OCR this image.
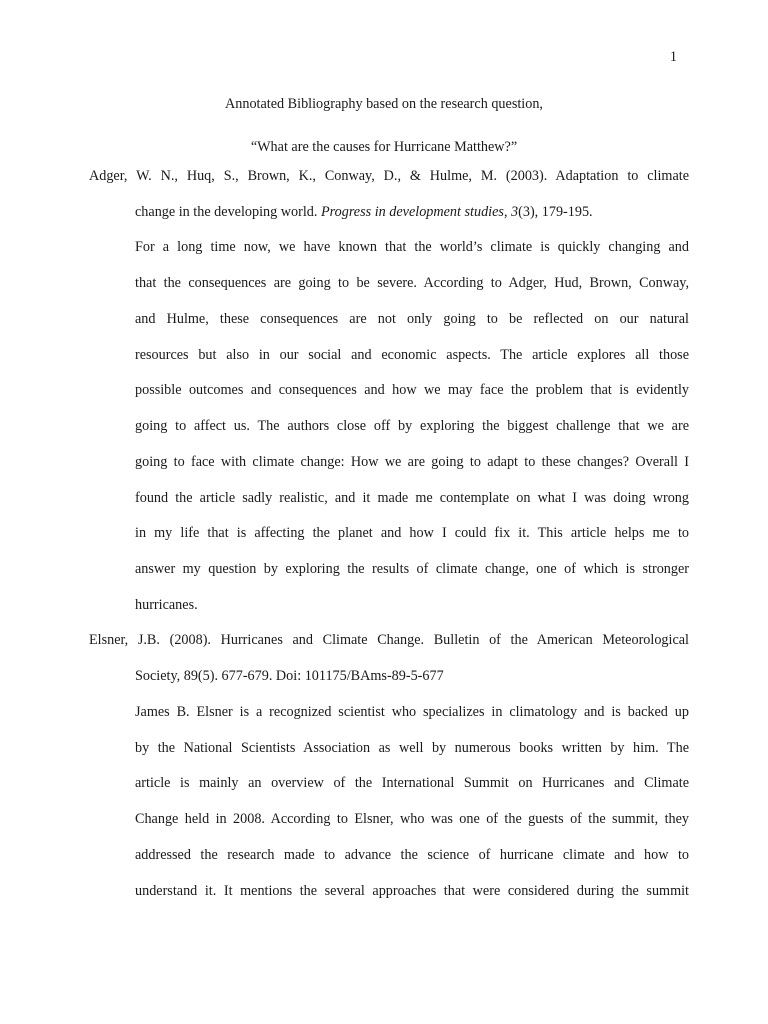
1

Annotated Bibliography based on the research question,

“What are the causes for Hurricane Matthew?”

Adger, W. N., Huq, S., Brown, K., Conway, D., & Hulme, M. (2003). Adaptation to climate

change in the developing world. Progress in development studies, 3(3), 179-195.

For a long time now, we have known that the world’s climate is quickly changing and

that the consequences are going to be severe. According to Adger, Hud, Brown, Conway,

and Hulme, these consequences are not only going to be reflected on our natural

resources but also in our social and economic aspects. The article explores all those

possible outcomes and consequences and how we may face the problem that is evidently

going to affect us. The authors close off by exploring the biggest challenge that we are

going to face with climate change: How we are going to adapt to these changes? Overall I

found the article sadly realistic, and it made me contemplate on what I was doing wrong

in my life that is affecting the planet and how I could fix it. This article helps me to

answer my question by exploring the results of climate change, one of which is stronger

hurricanes.

Elsner, J.B. (2008). Hurricanes and Climate Change. Bulletin of the American Meteorological

Society, 89(5). 677-679. Doi: 101175/BAms-89-5-677

James B. Elsner is a recognized scientist who specializes in climatology and is backed up

by the National Scientists Association as well by numerous books written by him. The

article is mainly an overview of the International Summit on Hurricanes and Climate

Change held in 2008. According to Elsner, who was one of the guests of the summit, they

addressed the research made to advance the science of hurricane climate and how to

understand it. It mentions the several approaches that were considered during the summit
